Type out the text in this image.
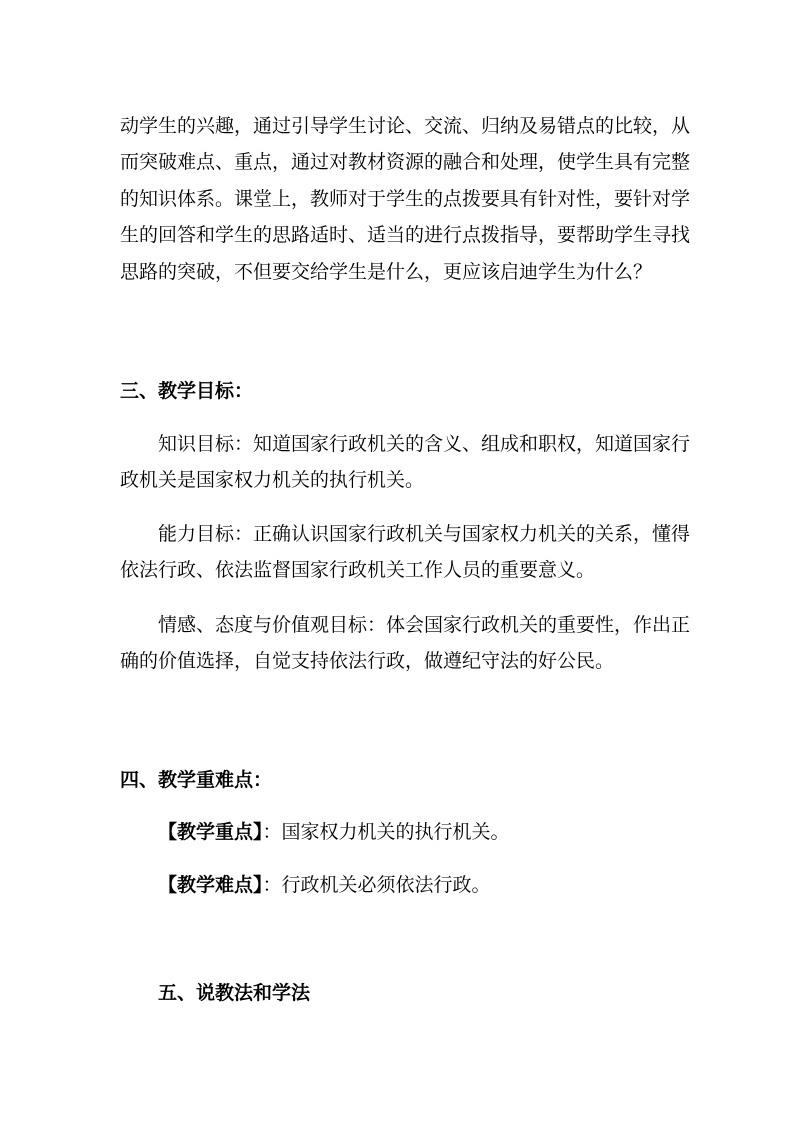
动学生的兴趣，通过引导学生讨论、交流、归纳及易错点的比较，从
而突破难点、重点，通过对教材资源的融合和处理，使学生具有完整
的知识体系。课堂上，教师对于学生的点拨要具有针对性，要针对学
生的回答和学生的思路适时、适当的进行点拨指导，要帮助学生寻找
思路的突破，不但要交给学生是什么，更应该启迪学生为什么？
三、教学目标：
知识目标：知道国家行政机关的含义、组成和职权，知道国家行
政机关是国家权力机关的执行机关。
能力目标：正确认识国家行政机关与国家权力机关的关系，懂得
依法行政、依法监督国家行政机关工作人员的重要意义。
情感、态度与价值观目标：体会国家行政机关的重要性，作出正
确的价值选择，自觉支持依法行政，做遵纪守法的好公民。
四、教学重难点：
【教学重点】：国家权力机关的执行机关。
【教学难点】：行政机关必须依法行政。
五、说教法和学法
